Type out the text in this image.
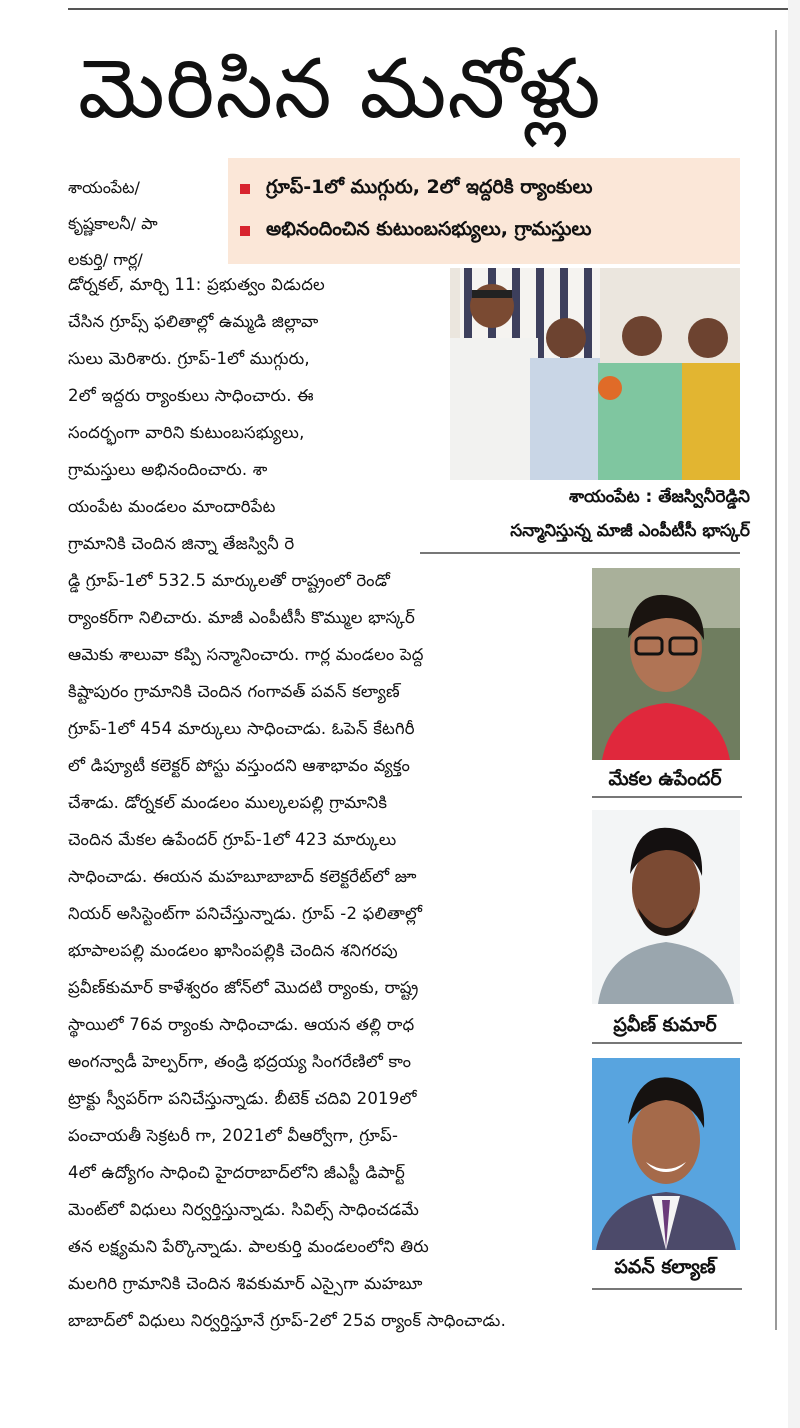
మెరిసిన మనోళ్లు
గ్రూప్‌-1లో ముగ్గురు, 2లో ఇద్దరికి ర్యాంకులు
అభినందించిన కుటుంబసభ్యులు, గ్రామస్తులు
శాయంపేట/
కృష్ణకాలనీ/ పా
లకుర్తి/ గార్ల/
డోర్నకల్‌, మార్చి 11: ప్రభుత్వం విడుదల
చేసిన గ్రూప్స్‌ ఫలితాల్లో ఉమ్మడి జిల్లావా
సులు మెరిశారు. గ్రూప్‌-1లో ముగ్గురు,
2లో ఇద్దరు ర్యాంకులు సాధించారు. ఈ
సందర్భంగా వారిని కుటుంబసభ్యులు,
గ్రామస్తులు అభినందించారు. శా
యంపేట మండలం మాందారిపేట
గ్రామానికి చెందిన జిన్నా తేజస్వినీ రె
డ్డి గ్రూప్‌-1లో 532.5 మార్కులతో రాష్ట్రంలో రెండో
ర్యాంకర్‌గా నిలిచారు. మాజీ ఎంపీటీసీ కొమ్ముల భాస్కర్‌
ఆమెకు శాలువా కప్పి సన్మానించారు. గార్ల మండలం పెద్ద
కిష్టాపురం గ్రామానికి చెందిన గంగావత్‌ పవన్‌ కల్యాణ్‌
గ్రూప్‌-1లో 454 మార్కులు సాధించాడు. ఓపెన్‌ కేటగిరీ
లో డిప్యూటీ కలెక్టర్‌ పోస్టు వస్తుందని ఆశాభావం వ్యక్తం
చేశాడు. డోర్నకల్‌ మండలం ముల్కలపల్లి గ్రామానికి
చెందిన మేకల ఉపేందర్‌ గ్రూప్‌-1లో 423 మార్కులు
సాధించాడు. ఈయన మహబూబాబాద్‌ కలెక్టరేట్‌లో జూ
నియర్‌ అసిస్టెంట్‌గా పనిచేస్తున్నాడు. గ్రూప్‌ -2 ఫలితాల్లో
భూపాలపల్లి మండలం ఖాసింపల్లికి చెందిన శనిగరపు
ప్రవీణ్‌కుమార్‌ కాళేశ్వరం జోన్‌లో మొదటి ర్యాంకు, రాష్ట్ర
స్థాయిలో 76వ ర్యాంకు సాధించాడు. ఆయన తల్లి రాధ
అంగన్వాడీ హెల్పర్‌గా, తండ్రి భద్రయ్య సింగరేణిలో కాం
ట్రాక్టు స్వీపర్‌గా పనిచేస్తున్నాడు. బీటెక్‌ చదివి 2019లో
పంచాయతీ సెక్రటరీ గా, 2021లో వీఆర్వోగా, గ్రూప్‌-
4లో ఉద్యోగం సాధించి హైదరాబాద్‌లోని జీఎస్టీ డిపార్ట్‌
మెంట్‌లో విధులు నిర్వర్తిస్తున్నాడు. సివిల్స్‌ సాధించడమే
తన లక్ష్యమని పేర్కొన్నాడు. పాలకుర్తి మండలంలోని తిరు
మలగిరి గ్రామానికి చెందిన శివకుమార్‌ ఎస్సైగా మహబూ
బాబాద్‌లో విధులు నిర్వర్తిస్తూనే గ్రూప్‌-2లో 25వ ర్యాంక్‌ సాధించాడు.
శాయంపేట : తేజస్వినీరెడ్డిని
సన్మానిస్తున్న మాజీ ఎంపీటీసీ భాస్కర్‌
మేకల ఉపేందర్‌
ప్రవీణ్‌ కుమార్‌
పవన్‌ కల్యాణ్‌
